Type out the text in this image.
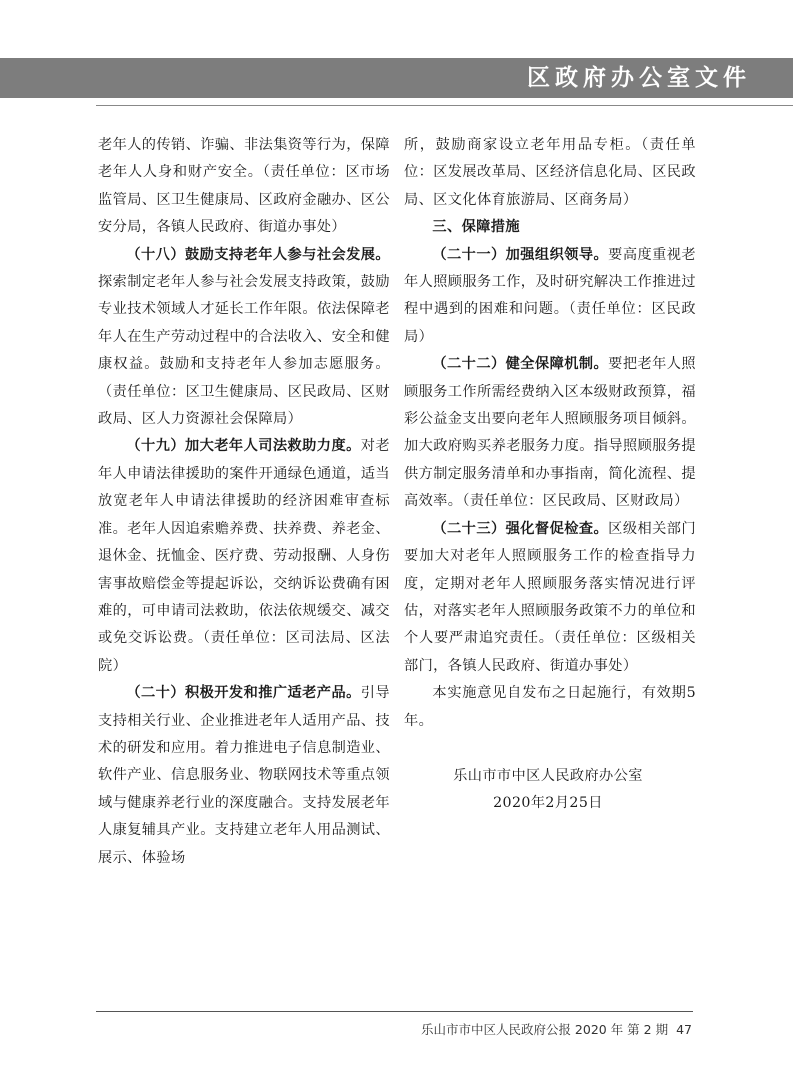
区政府办公室文件

老年人的传销、诈骗、非法集资等行为，保障老年人人身和财产安全。（责任单位：区市场监管局、区卫生健康局、区政府金融办、区公安分局，各镇人民政府、街道办事处）

（十八）鼓励支持老年人参与社会发展。探索制定老年人参与社会发展支持政策，鼓励专业技术领域人才延长工作年限。依法保障老年人在生产劳动过程中的合法收入、安全和健康权益。鼓励和支持老年人参加志愿服务。（责任单位：区卫生健康局、区民政局、区财政局、区人力资源社会保障局）

（十九）加大老年人司法救助力度。对老年人申请法律援助的案件开通绿色通道，适当放宽老年人申请法律援助的经济困难审查标准。老年人因追索赡养费、扶养费、养老金、退休金、抚恤金、医疗费、劳动报酬、人身伤害事故赔偿金等提起诉讼，交纳诉讼费确有困难的，可申请司法救助，依法依规缓交、减交或免交诉讼费。（责任单位：区司法局、区法院）

（二十）积极开发和推广适老产品。引导支持相关行业、企业推进老年人适用产品、技术的研发和应用。着力推进电子信息制造业、软件产业、信息服务业、物联网技术等重点领域与健康养老行业的深度融合。支持发展老年人康复辅具产业。支持建立老年人用品测试、展示、体验场

所，鼓励商家设立老年用品专柜。（责任单位：区发展改革局、区经济信息化局、区民政局、区文化体育旅游局、区商务局）

三、保障措施

（二十一）加强组织领导。要高度重视老年人照顾服务工作，及时研究解决工作推进过程中遇到的困难和问题。（责任单位：区民政局）

（二十二）健全保障机制。要把老年人照顾服务工作所需经费纳入区本级财政预算，福彩公益金支出要向老年人照顾服务项目倾斜。加大政府购买养老服务力度。指导照顾服务提供方制定服务清单和办事指南，简化流程、提高效率。（责任单位：区民政局、区财政局）

（二十三）强化督促检查。区级相关部门要加大对老年人照顾服务工作的检查指导力度，定期对老年人照顾服务落实情况进行评估，对落实老年人照顾服务政策不力的单位和个人要严肃追究责任。（责任单位：区级相关部门，各镇人民政府、街道办事处）

本实施意见自发布之日起施行，有效期5年。

乐山市市中区人民政府办公室
2020年2月25日
乐山市市中区人民政府公报 2020 年 第 2 期 47
